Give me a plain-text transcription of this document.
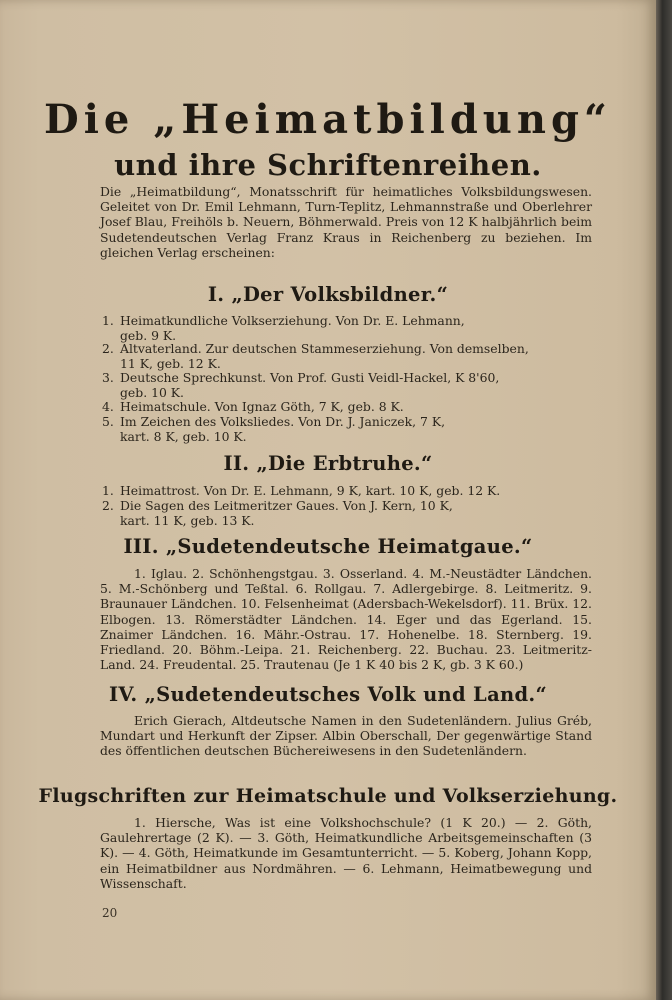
Die „Heimatbildung“
und ihre Schriftenreihen.
Die „Heimatbildung“, Monatsschrift für heimatliches Volksbildungswesen. Geleitet von Dr. Emil Lehmann, Turn-Teplitz, Lehmannstraße und Oberlehrer Josef Blau, Freihöls b. Neuern, Böhmerwald. Preis von 12 K halbjährlich beim Sudetendeutschen Verlag Franz Kraus in Reichenberg zu beziehen. Im gleichen Verlag erscheinen:
I. „Der Volksbildner.“
1. Heimatkundliche Volkserziehung. Von Dr. E. Lehmann,
geb. 9 K.
2. Altvaterland. Zur deutschen Stammeserziehung. Von demselben,
11 K, geb. 12 K.
3. Deutsche Sprechkunst. Von Prof. Gusti Veidl-Hackel, K 8'60,
geb. 10 K.
4. Heimatschule. Von Ignaz Göth, 7 K, geb. 8 K.
5. Im Zeichen des Volksliedes. Von Dr. J. Janiczek, 7 K,
kart. 8 K, geb. 10 K.
II. „Die Erbtruhe.“
1. Heimattrost. Von Dr. E. Lehmann, 9 K, kart. 10 K, geb. 12 K.
2. Die Sagen des Leitmeritzer Gaues. Von J. Kern, 10 K,
kart. 11 K, geb. 13 K.
III. „Sudetendeutsche Heimatgaue.“
1. Iglau. 2. Schönhengstgau. 3. Osserland. 4. M.-Neustädter Ländchen. 5. M.-Schönberg und Teßtal. 6. Rollgau. 7. Adlergebirge. 8. Leitmeritz. 9. Braunauer Ländchen. 10. Felsenheimat (Adersbach-Wekelsdorf). 11. Brüx. 12. Elbogen. 13. Römerstädter Ländchen. 14. Eger und das Egerland. 15. Znaimer Ländchen. 16. Mähr.-Ostrau. 17. Hohenelbe. 18. Sternberg. 19. Friedland. 20. Böhm.-Leipa. 21. Reichenberg. 22. Buchau. 23. Leitmeritz-Land. 24. Freudental. 25. Trautenau (Je 1 K 40 bis 2 K, gb. 3 K 60.)
IV. „Sudetendeutsches Volk und Land.“
Erich Gierach, Altdeutsche Namen in den Sudetenländern. Julius Gréb, Mundart und Herkunft der Zipser. Albin Oberschall, Der gegenwärtige Stand des öffentlichen deutschen Büchereiwesens in den Sudetenländern.
Flugschriften zur Heimatschule und Volkserziehung.
1. Hiersche, Was ist eine Volkshochschule? (1 K 20.) — 2. Göth, Gaulehrertage (2 K). — 3. Göth, Heimatkundliche Arbeitsgemeinschaften (3 K). — 4. Göth, Heimatkunde im Gesamtunterricht. — 5. Koberg, Johann Kopp, ein Heimatbildner aus Nordmähren. — 6. Lehmann, Heimatbewegung und Wissenschaft.
20
